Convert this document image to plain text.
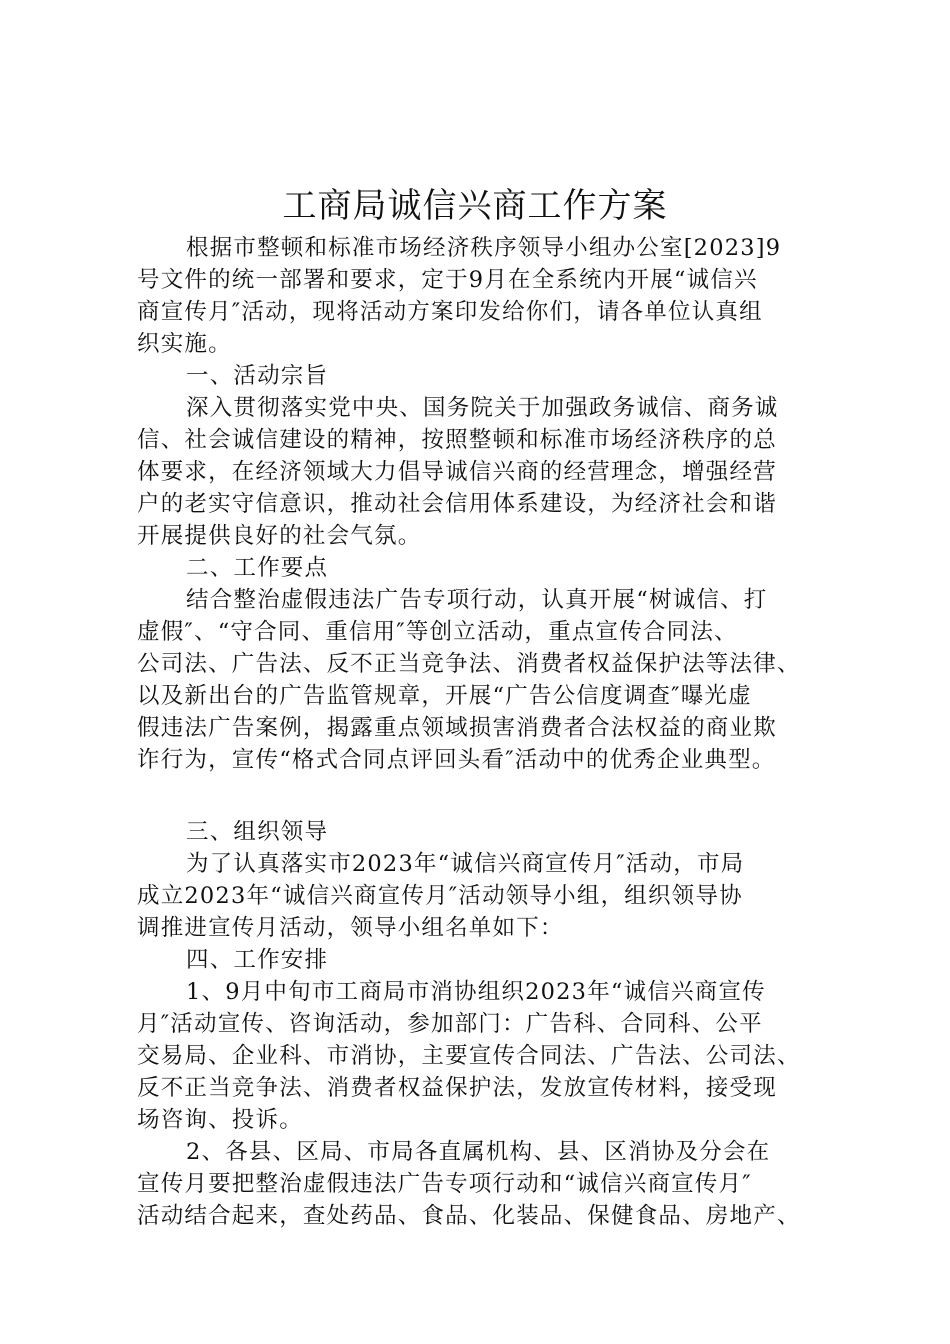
工商局诚信兴商工作方案
根据市整顿和标准市场经济秩序领导小组办公室[2023]9
号文件的统一部署和要求，定于9月在全系统内开展“诚信兴
商宣传月″活动，现将活动方案印发给你们，请各单位认真组
织实施。
一、活动宗旨
深入贯彻落实党中央、国务院关于加强政务诚信、商务诚
信、社会诚信建设的精神，按照整顿和标准市场经济秩序的总
体要求，在经济领域大力倡导诚信兴商的经营理念，增强经营
户的老实守信意识，推动社会信用体系建设，为经济社会和谐
开展提供良好的社会气氛。
二、工作要点
结合整治虚假违法广告专项行动，认真开展“树诚信、打
虚假″、“守合同、重信用″等创立活动，重点宣传合同法、
公司法、广告法、反不正当竞争法、消费者权益保护法等法律、
以及新出台的广告监管规章，开展“广告公信度调查″曝光虚
假违法广告案例，揭露重点领域损害消费者合法权益的商业欺
诈行为，宣传“格式合同点评回头看″活动中的优秀企业典型。
三、组织领导
为了认真落实市2023年“诚信兴商宣传月″活动，市局
成立2023年“诚信兴商宣传月″活动领导小组，组织领导协
调推进宣传月活动，领导小组名单如下：
四、工作安排
1、9月中旬市工商局市消协组织2023年“诚信兴商宣传
月″活动宣传、咨询活动，参加部门：广告科、合同科、公平
交易局、企业科、市消协，主要宣传合同法、广告法、公司法、
反不正当竞争法、消费者权益保护法，发放宣传材料，接受现
场咨询、投诉。
2、各县、区局、市局各直属机构、县、区消协及分会在
宣传月要把整治虚假违法广告专项行动和“诚信兴商宣传月″
活动结合起来，查处药品、食品、化装品、保健食品、房地产、
